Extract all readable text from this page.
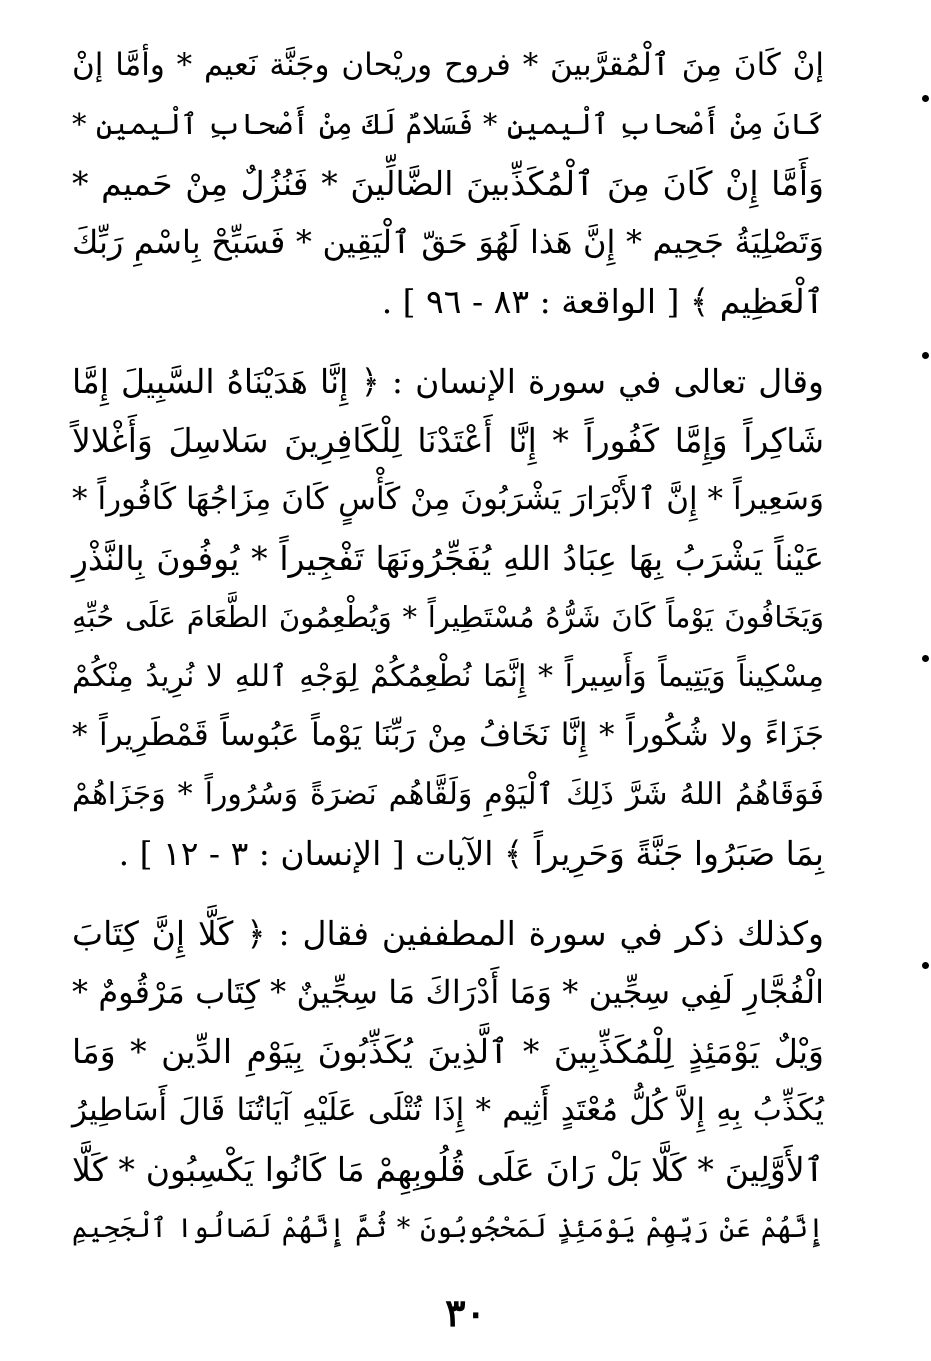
إنْ كَانَ مِنَ ٱلْمُقرَّبينَ * فروح وريْحان وجَنَّة نَعيم * وأمَّا إنْ
كَانَ مِنْ أَصْحابِ ٱلْيمينِ * فَسَلامٌ لَكَ مِنْ أَصْحابِ ٱلْيمين *
وَأَمَّا إِنْ كَانَ مِنَ ٱلْمُكَذِّبينَ الضَّالِّينَ * فَنُزُلٌ مِنْ حَميم *
وَتَصْلِيَةُ جَحِيم * إِنَّ هَذا لَهُوَ حَقّ ٱلْيَقِين * فَسَبِّحْ بِاسْمِ رَبِّكَ
ٱلْعَظِيم ﴾ [ الواقعة : ٨٣ - ٩٦ ] .

وقال تعالى في سورة الإنسان : ﴿ إِنَّا هَدَيْنَاهُ السَّبِيلَ إِمَّا
شَاكِراً وَإِمَّا كَفُوراً * إِنَّا أَعْتَدْنَا لِلْكَافِرِينَ سَلاسِلَ وَأَغْلالاً
وَسَعِيراً * إِنَّ ٱلأَبْرَارَ يَشْرَبُونَ مِنْ كَأْسٍ كَانَ مِزَاجُهَا كَافُوراً *
عَيْناً يَشْرَبُ بِهَا عِبَادُ اللهِ يُفَجِّرُونَهَا تَفْجِيراً * يُوفُونَ بِالنَّذْرِ
وَيَخَافُونَ يَوْماً كَانَ شَرُّهُ مُسْتَطِيراً * وَيُطْعِمُونَ الطَّعَامَ عَلَى حُبِّهِ
مِسْكِيناً وَيَتِيماً وَأَسِيراً * إِنَّمَا نُطْعِمُكُمْ لِوَجْهِ ٱللهِ لا نُرِيدُ مِنْكُمْ
جَزَاءً ولا شُكُوراً * إِنَّا نَخَافُ مِنْ رَبِّنَا يَوْماً عَبُوساً قَمْطَرِيراً *
فَوَقَاهُمُ اللهُ شَرَّ ذَلِكَ ٱلْيَوْمِ وَلَقَّاهُم نَضرَةً وَسُرُوراً * وَجَزَاهُمْ
بِمَا صَبَرُوا جَنَّةً وَحَرِيراً ﴾ الآيات [ الإنسان : ٣ - ١٢ ] .

وكذلك ذكر في سورة المطففين فقال : ﴿ كَلَّا إِنَّ كِتَابَ
الْفُجَّارِ لَفِي سِجِّين * وَمَا أَدْرَاكَ مَا سِجِّينٌ * كِتَاب مَرْقُومٌ *
وَيْلٌ يَوْمَئِذٍ لِلْمُكَذِّبِينَ * ٱلَّذِينَ يُكَذِّبُونَ بِيَوْمِ الدِّين * وَمَا
يُكَذِّبُ بِهِ إِلاَّ كُلُّ مُعْتَدٍ أَثِيم * إِذَا تُتْلَى عَلَيْهِ آيَاتُنَا قَالَ أَسَاطِيرُ
ٱلأَوَّلِينَ * كَلَّا بَلْ رَانَ عَلَى قُلُوبِهِمْ مَا كَانُوا يَكْسِبُون * كَلَّا
إِنَّهُمْ عَنْ رَبِّهِمْ يَوْمَئِذٍ لَمَحْجُوبُونَ * ثُمَّ إِنَّهُمْ لَصَالُوا ٱلْجَحِيمِ

٣٠
